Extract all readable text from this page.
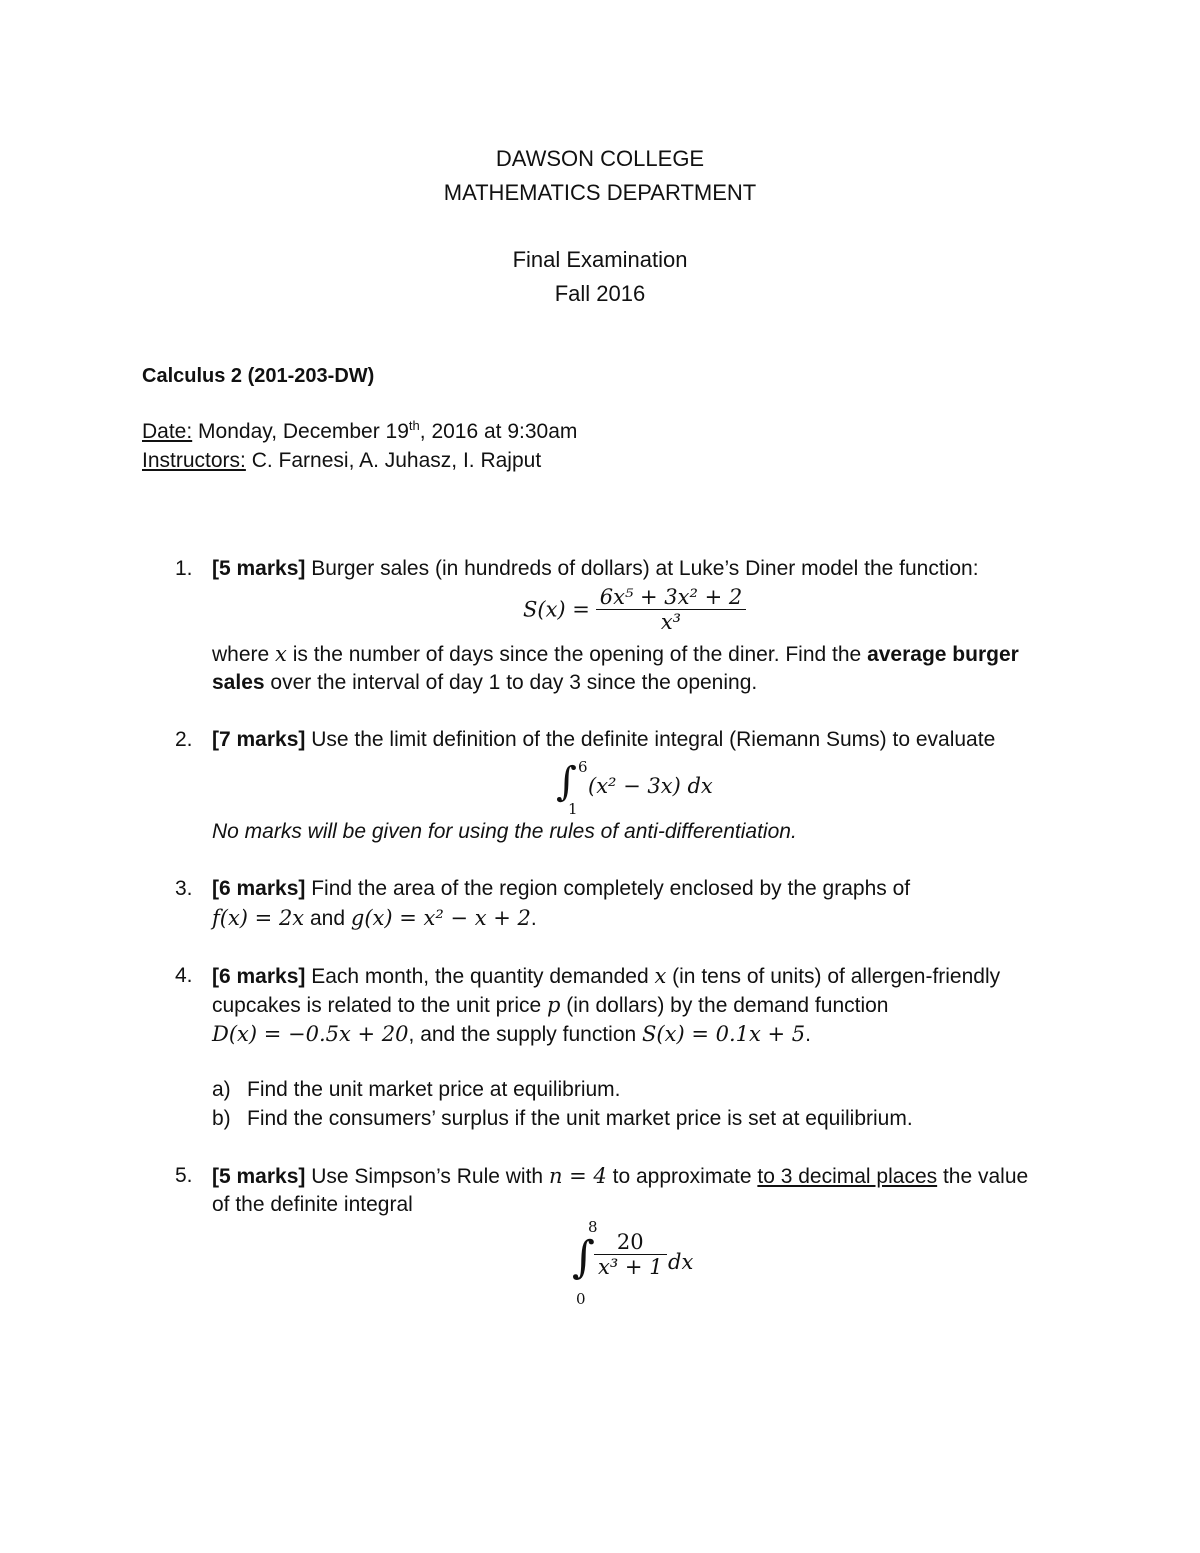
DAWSON COLLEGE
MATHEMATICS DEPARTMENT
Final Examination
Fall 2016
Calculus 2 (201-203-DW)
Date: Monday, December 19th, 2016 at 9:30am
Instructors: C. Farnesi, A. Juhasz, I. Rajput
1. [5 marks] Burger sales (in hundreds of dollars) at Luke’s Diner model the function:
$S(x) = \frac{\text{6x⁵ + 3x² + 2}}{\text{x³}}$
where x is the number of days since the opening of the diner. Find the average burger
sales over the interval of day 1 to day 3 since the opening.
2. [7 marks] Use the limit definition of the definite integral (Riemann Sums) to evaluate
∫ 6
1
(x² − 3x) dx
No marks will be given for using the rules of anti-differentiation.
3. [6 marks] Find the area of the region completely enclosed by the graphs of
f(x) = 2x and g(x) = x² − x + 2.
4. [6 marks] Each month, the quantity demanded x (in tens of units) of allergen-friendly
cupcakes is related to the unit price p (in dollars) by the demand function
D(x) = −0.5x + 20, and the supply function S(x) = 0.1x + 5.
a) Find the unit market price at equilibrium.
b) Find the consumers’ surplus if the unit market price is set at equilibrium.
5. [5 marks] Use Simpson’s Rule with n = 4 to approximate to 3 decimal places the value
of the definite integral
8
∫
0
$\frac{20}{\text{x³ + 1}}$ dx
